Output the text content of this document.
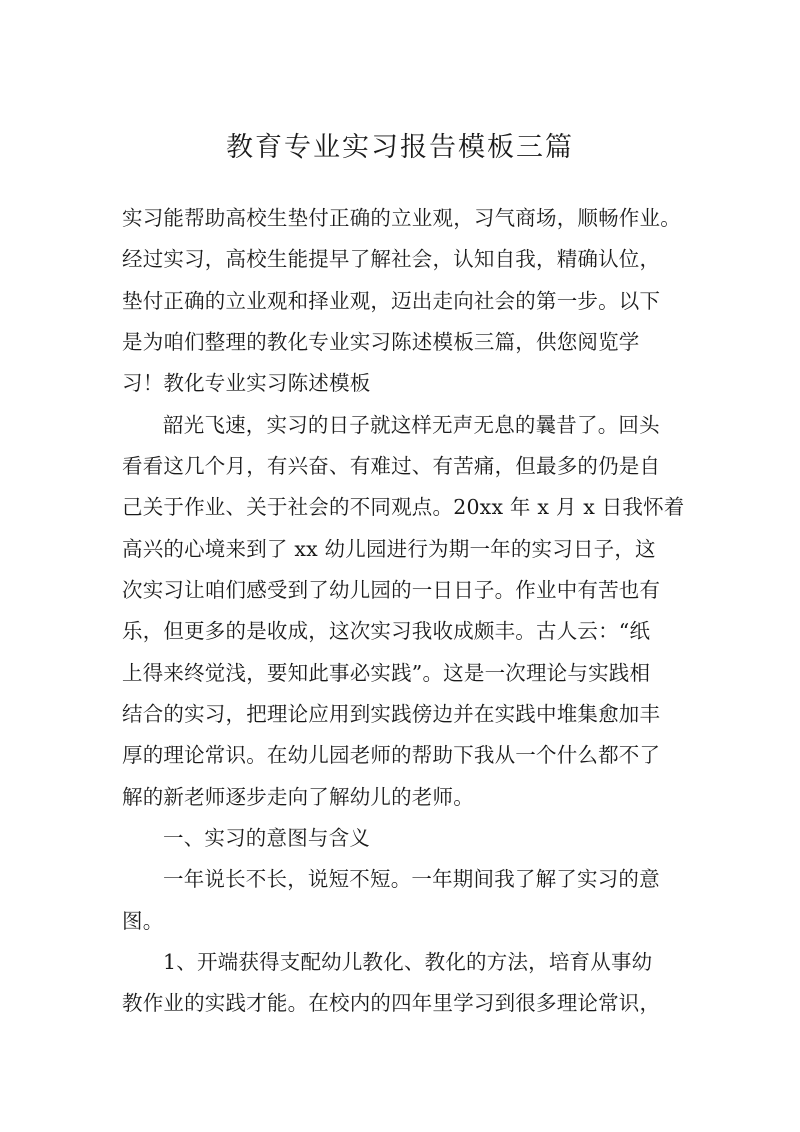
教育专业实习报告模板三篇
实习能帮助高校生垫付正确的立业观，习气商场，顺畅作业。
经过实习，高校生能提早了解社会，认知自我，精确认位，
垫付正确的立业观和择业观，迈出走向社会的第一步。以下
是为咱们整理的教化专业实习陈述模板三篇，供您阅览学
习！教化专业实习陈述模板
韶光飞速，实习的日子就这样无声无息的曩昔了。回头
看看这几个月，有兴奋、有难过、有苦痛，但最多的仍是自
己关于作业、关于社会的不同观点。20xx 年 x 月 x 日我怀着
高兴的心境来到了 xx 幼儿园进行为期一年的实习日子，这
次实习让咱们感受到了幼儿园的一日日子。作业中有苦也有
乐，但更多的是收成，这次实习我收成颇丰。古人云：“纸
上得来终觉浅，要知此事必实践”。这是一次理论与实践相
结合的实习，把理论应用到实践傍边并在实践中堆集愈加丰
厚的理论常识。在幼儿园老师的帮助下我从一个什么都不了
解的新老师逐步走向了解幼儿的老师。
一、实习的意图与含义
一年说长不长，说短不短。一年期间我了解了实习的意
图。
1、开端获得支配幼儿教化、教化的方法，培育从事幼
教作业的实践才能。在校内的四年里学习到很多理论常识，
